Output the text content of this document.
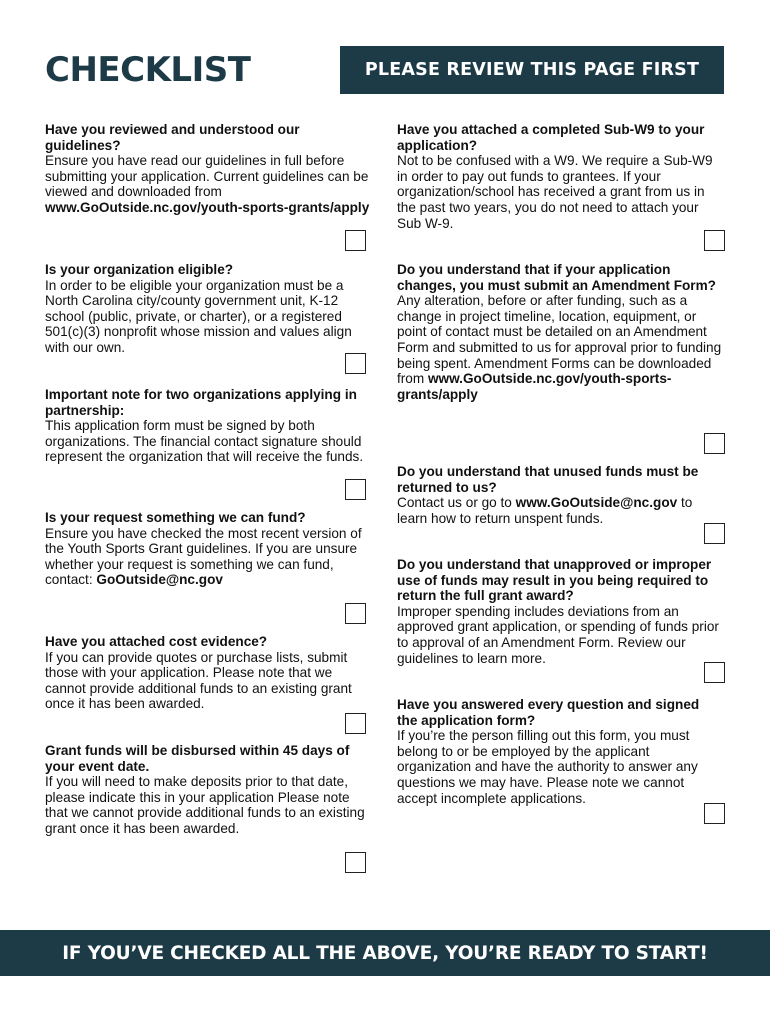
CHECKLIST	PLEASE REVIEW THIS PAGE FIRST
Have you reviewed and understood our guidelines?
Ensure you have read our guidelines in full before submitting your application. Current guidelines can be viewed and downloaded from www.GoOutside.nc.gov/youth-sports-grants/apply
Is your organization eligible?
In order to be eligible your organization must be a North Carolina city/county government unit, K-12 school (public, private, or charter), or a registered 501(c)(3) nonprofit whose mission and values align with our own.
Important note for two organizations applying in partnership:
This application form must be signed by both organizations. The financial contact signature should represent the organization that will receive the funds.
Is your request something we can fund?
Ensure you have checked the most recent version of the Youth Sports Grant guidelines. If you are unsure whether your request is something we can fund, contact: GoOutside@nc.gov
Have you attached cost evidence?
If you can provide quotes or purchase lists, submit those with your application. Please note that we cannot provide additional funds to an existing grant once it has been awarded.
Grant funds will be disbursed within 45 days of your event date.
If you will need to make deposits prior to that date, please indicate this in your application Please note that we cannot provide additional funds to an existing grant once it has been awarded.
Have you attached a completed Sub-W9 to your application?
Not to be confused with a W9. We require a Sub-W9 in order to pay out funds to grantees. If your organization/school has received a grant from us in the past two years, you do not need to attach your Sub W-9.
Do you understand that if your application changes, you must submit an Amendment Form?
Any alteration, before or after funding, such as a change in project timeline, location, equipment, or point of contact must be detailed on an Amendment Form and submitted to us for approval prior to funding being spent. Amendment Forms can be downloaded from www.GoOutside.nc.gov/youth-sports-grants/apply
Do you understand that unused funds must be returned to us?
Contact us or go to www.GoOutside@nc.gov to learn how to return unspent funds.
Do you understand that unapproved or improper use of funds may result in you being required to return the full grant award?
Improper spending includes deviations from an approved grant application, or spending of funds prior to approval of an Amendment Form. Review our guidelines to learn more.
Have you answered every question and signed the application form?
If you’re the person filling out this form, you must belong to or be employed by the applicant organization and have the authority to answer any questions we may have. Please note we cannot accept incomplete applications.
IF YOU’VE CHECKED ALL THE ABOVE, YOU’RE READY TO START!
